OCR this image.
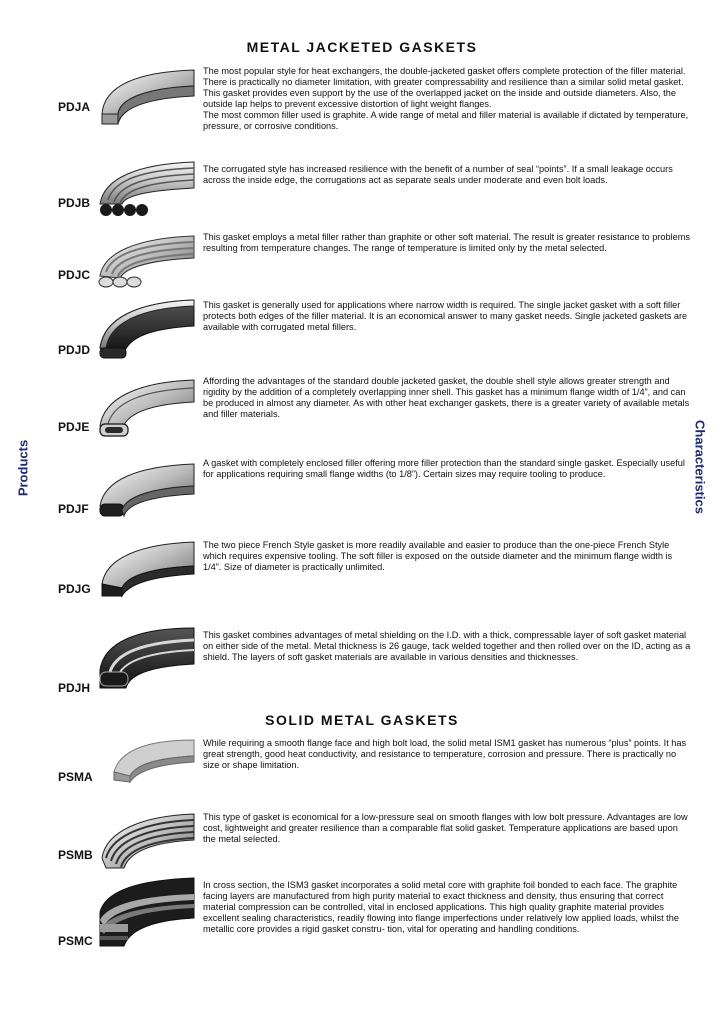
METAL JACKETED GASKETS
SOLID METAL GASKETS
Products	Characteristics
PDJA
The most popular style for heat exchangers, the double-jacketed gasket offers complete protection of the filler material. There is practically no diameter limitation, with greater compressability and resilience than a similar solid metal gasket.
This gasket provides even support by the use of the overlapped jacket on the inside and outside diameters. Also, the outside lap helps to prevent excessive distortion of light weight flanges.
The most common filler used is graphite. A wide range of metal and filler material is available if dictated by temperature, pressure, or corrosive conditions.
PDJB
The corrugated style has increased resilience with the benefit of a number of seal “points”. If a small leakage occurs across the inside edge, the corrugations act as separate seals under moderate and even bolt loads.
PDJC
This gasket employs a metal filler rather than graphite or other soft material. The result is greater resistance to problems resulting from temperature changes. The range of temperature is limited only by the metal selected.
PDJD
This gasket is generally used for applications where narrow width is required. The single jacket gasket with a soft filler protects both edges of the filler material. It is an economical answer to many gasket needs. Single jacketed gaskets are available with corrugated metal fillers.
PDJE
Affording the advantages of the standard double jacketed gasket, the double shell style allows greater strength and rigidity by the addition of a completely overlapping inner shell. This gasket has a minimum flange width of 1/4”, and can be produced in almost any diameter. As with other heat exchanger gaskets, there is a greater variety of available metals and filler materials.
PDJF
A gasket with completely enclosed filler offering more filler protection than the standard single gasket. Especially useful for applications requiring small flange widths (to 1/8”). Certain sizes may require tooling to produce.
PDJG
The two piece French Style gasket is more readily available and easier to produce than the one-piece French Style which requires expensive tooling. The soft filler is exposed on the outside diameter and the minimum flange width is 1/4”. Size of diameter is practically unlimited.
PDJH
This gasket combines advantages of metal shielding on the I.D. with a thick, compressable layer of soft gasket material on either side of the metal. Metal thickness is 26 gauge, tack welded together and then rolled over on the ID, acting as a shield. The layers of soft gasket materials are available in various densities and thicknesses.
PSMA
While requiring a smooth flange face and high bolt load, the solid metal ISM1 gasket has numerous “plus” points. It has great strength, good heat conductivity, and resistance to temperature, corrosion and pressure. There is practically no size or shape limitation.
PSMB
This type of gasket is economical for a low-pressure seal on smooth flanges with low bolt pressure. Advantages are low cost, lightweight and greater resilience than a comparable flat solid gasket. Temperature applications are based upon the metal selected.
PSMC
In cross section, the ISM3 gasket incorporates a solid metal core with graphite foil bonded to each face. The graphite facing layers are manufactured from high purity material to exact thickness and density, thus ensuring that correct material compression can be controlled, vital in enclosed applications. This high quality graphite material provides excellent sealing characteristics, readily flowing into flange imperfections under relatively low applied loads, whilst the metallic core provides a rigid gasket constru- tion, vital for operating and handling conditions.
